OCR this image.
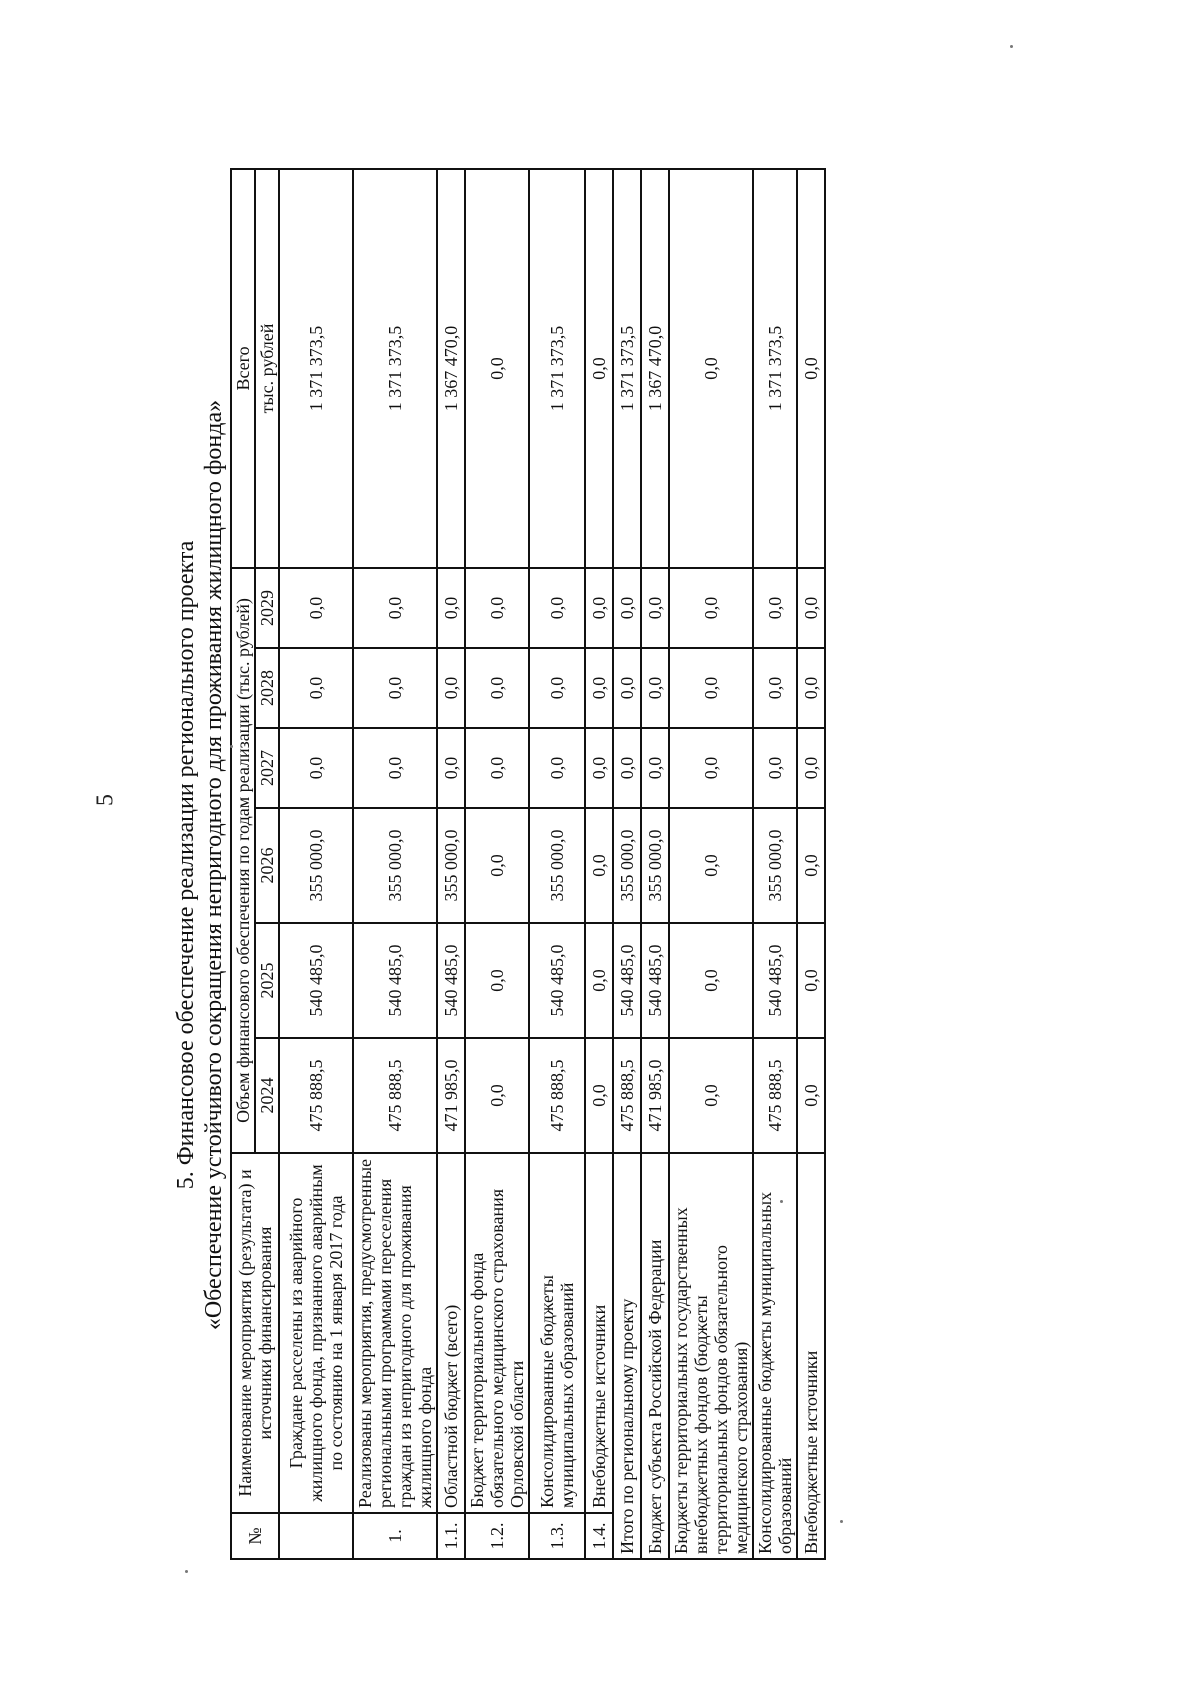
5 5. Финансовое обеспечение реализации регионального проекта «Обеспечение устойчивого сокращения непригодного для проживания жилищного фонда»
№	Наименование мероприятия (результата) и источники финансирования	Объем финансового обеспечения по годам реализации (тыс. рублей)						Всего
		2024	2025	2026	2027	2028	2029	тыс. рублей
	Граждане расселены из аварийного жилищного фонда, признанного аварийным по состоянию на 1 января 2017 года	475 888,5	540 485,0	355 000,0	0,0	0,0	0,0	1 371 373,5
1.	Реализованы мероприятия, предусмотренные региональными программами переселения граждан из непригодного для проживания жилищного фонда	475 888,5	540 485,0	355 000,0	0,0	0,0	0,0	1 371 373,5
1.1.	Областной бюджет (всего)	471 985,0	540 485,0	355 000,0	0,0	0,0	0,0	1 367 470,0
1.2.	Бюджет территориального фонда обязательного медицинского страхования Орловской области	0,0	0,0	0,0	0,0	0,0	0,0	0,0
1.3.	Консолидированные бюджеты муниципальных образований	475 888,5	540 485,0	355 000,0	0,0	0,0	0,0	1 371 373,5
1.4.	Внебюджетные источники	0,0	0,0	0,0	0,0	0,0	0,0	0,0
Итого по региональному проекту		475 888,5	540 485,0	355 000,0	0,0	0,0	0,0	1 371 373,5
Бюджет субъекта Российской Федерации		471 985,0	540 485,0	355 000,0	0,0	0,0	0,0	1 367 470,0
Бюджеты территориальных государственных внебюджетных фондов (бюджеты территориальных фондов обязательного медицинского страхования)		0,0	0,0	0,0	0,0	0,0	0,0	0,0
Консолидированные бюджеты муниципальных образований		475 888,5	540 485,0	355 000,0	0,0	0,0	0,0	1 371 373,5
Внебюджетные источники		0,0	0,0	0,0	0,0	0,0	0,0	0,0
